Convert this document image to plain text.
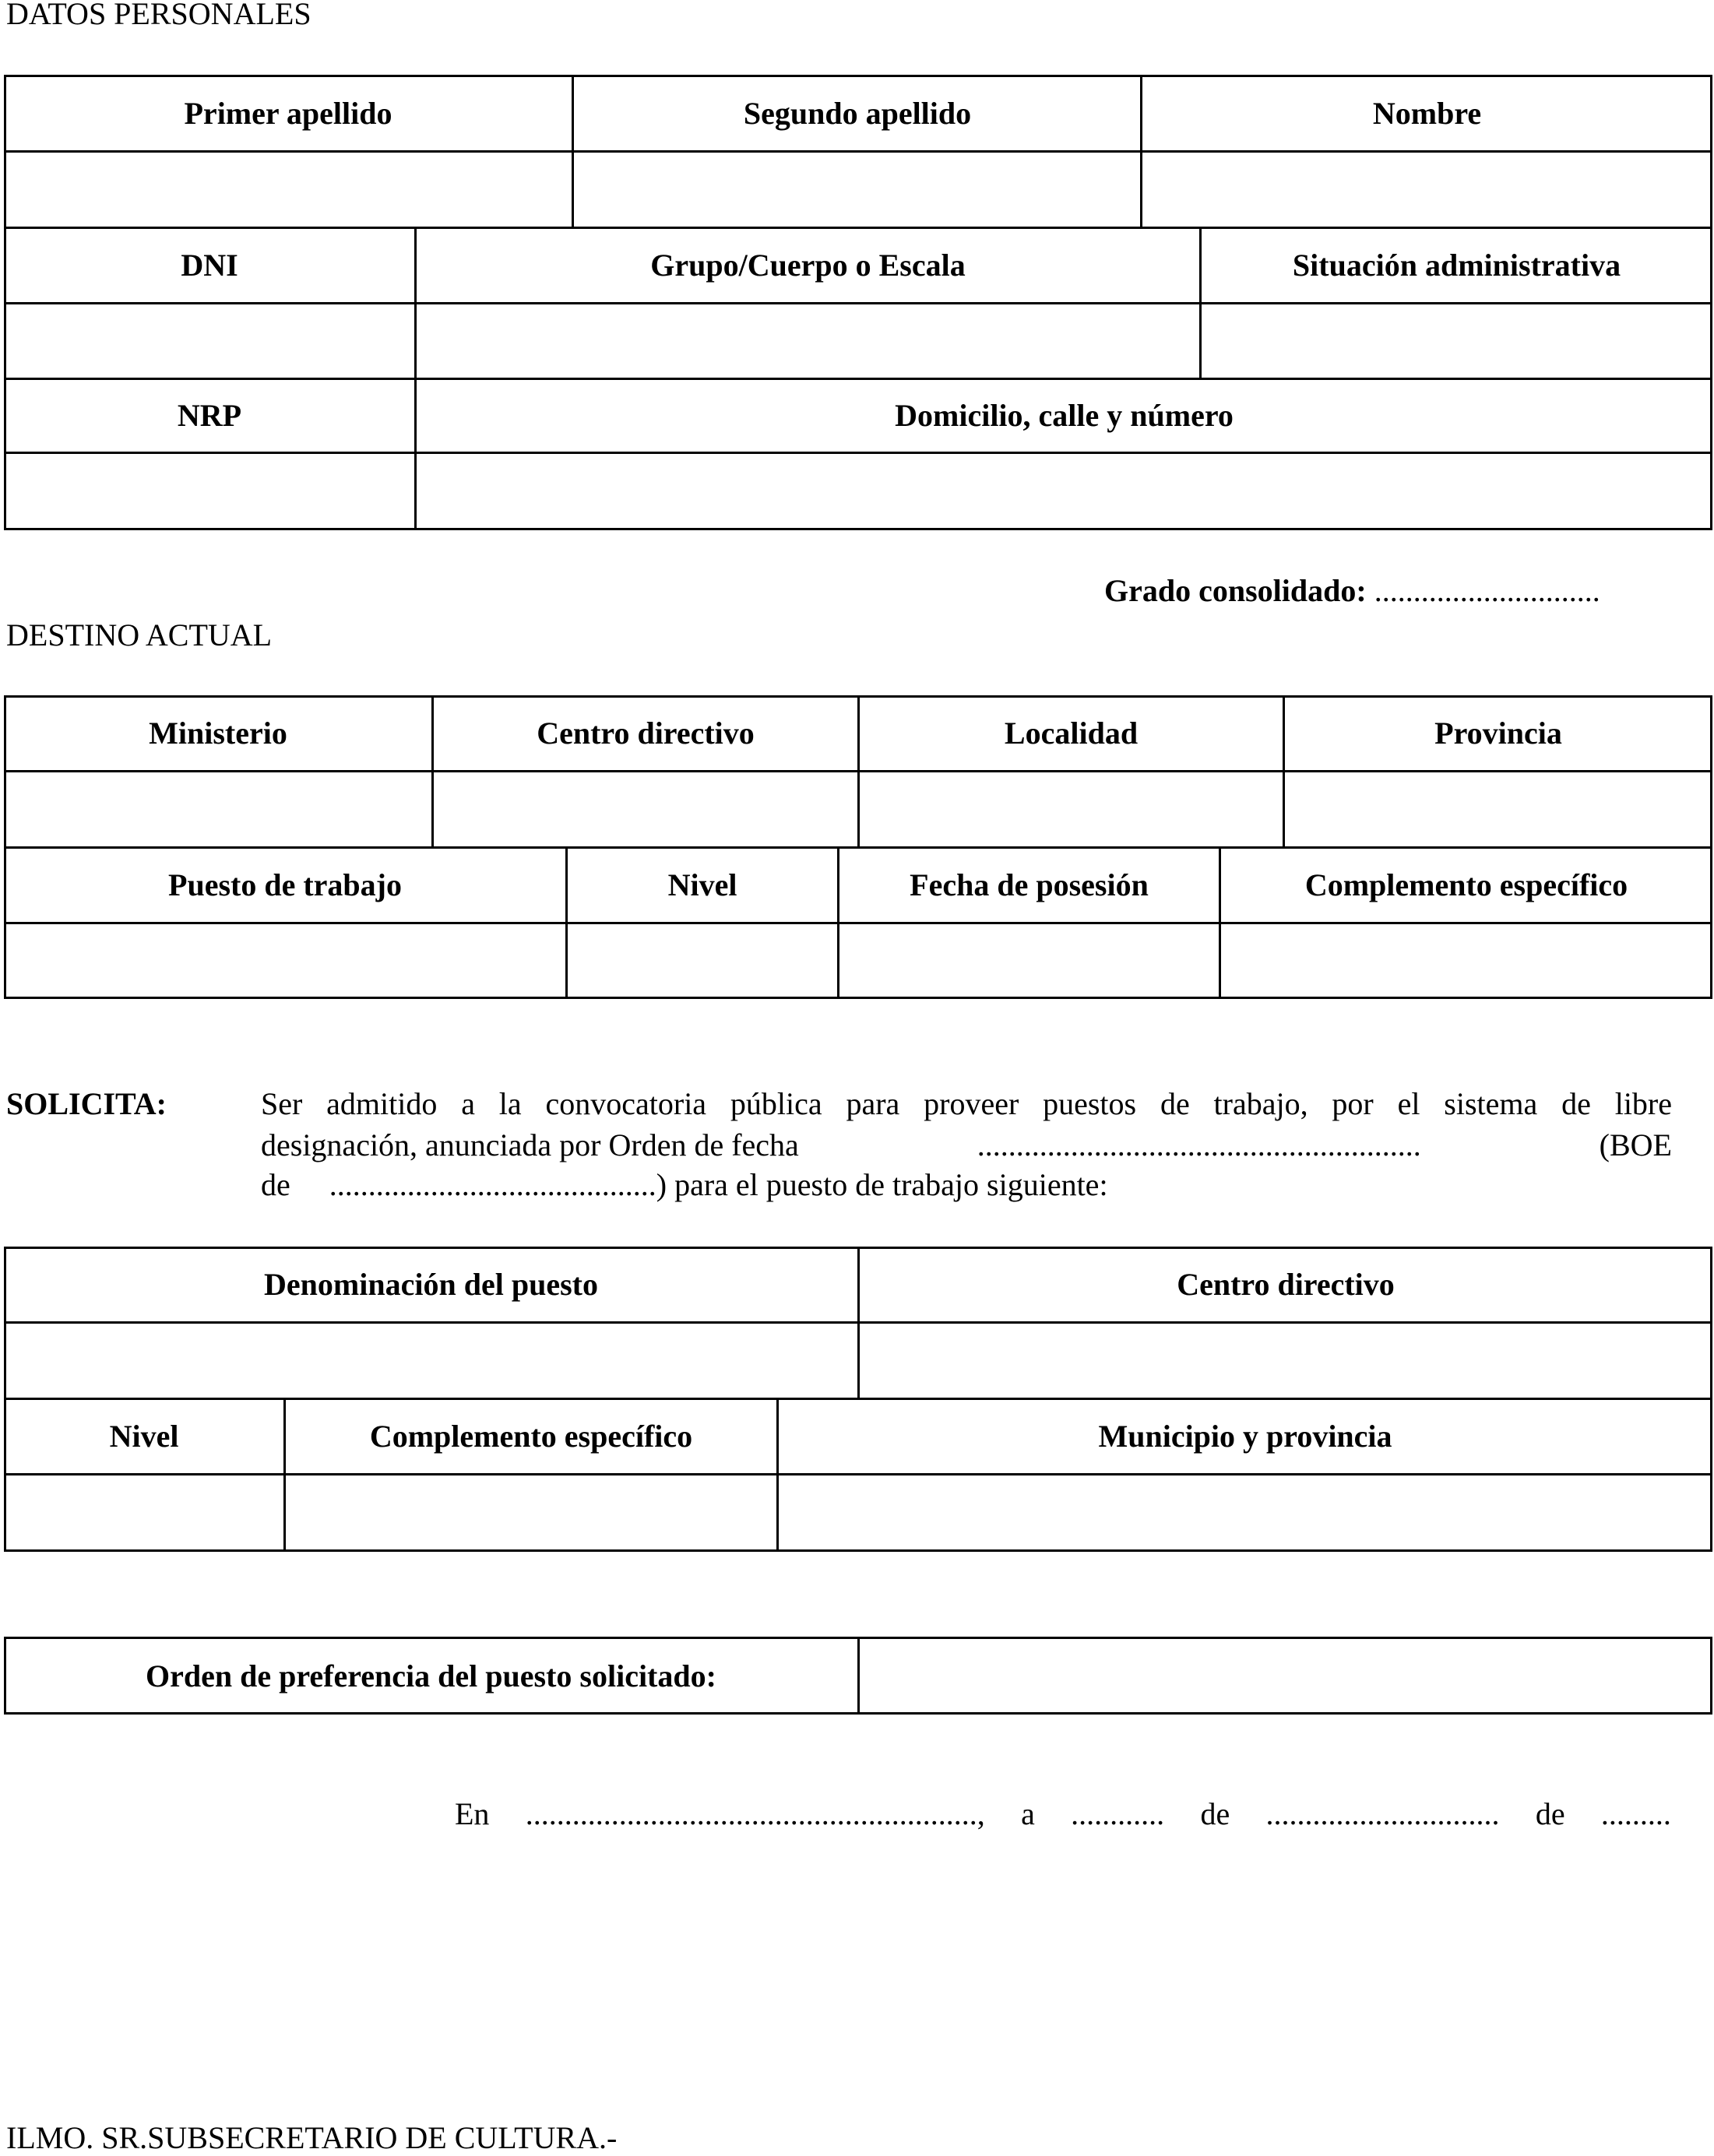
DATOS PERSONALES
Primer apellido	Segundo apellido	Nombre
DNI	Grupo/Cuerpo o Escala	Situación administrativa
NRP	Domicilio, calle y número
Grado consolidado: .............................
DESTINO ACTUAL
Ministerio	Centro directivo	Localidad	Provincia
Puesto de trabajo	Nivel	Fecha de posesión	Complemento específico
SOLICITA:	Ser admitido a la convocatoria pública para proveer puestos de trabajo, por el sistema de libre
designación, anunciada por Orden de fecha	.........................................................	(BOE
de ..........................................) para el puesto de trabajo siguiente:
Denominación del puesto	Centro directivo
Nivel	Complemento específico	Municipio y provincia
Orden de preferencia del puesto solicitado:
En .........................................................., a ............ de .............................. de .........
ILMO. SR.SUBSECRETARIO DE CULTURA.-
